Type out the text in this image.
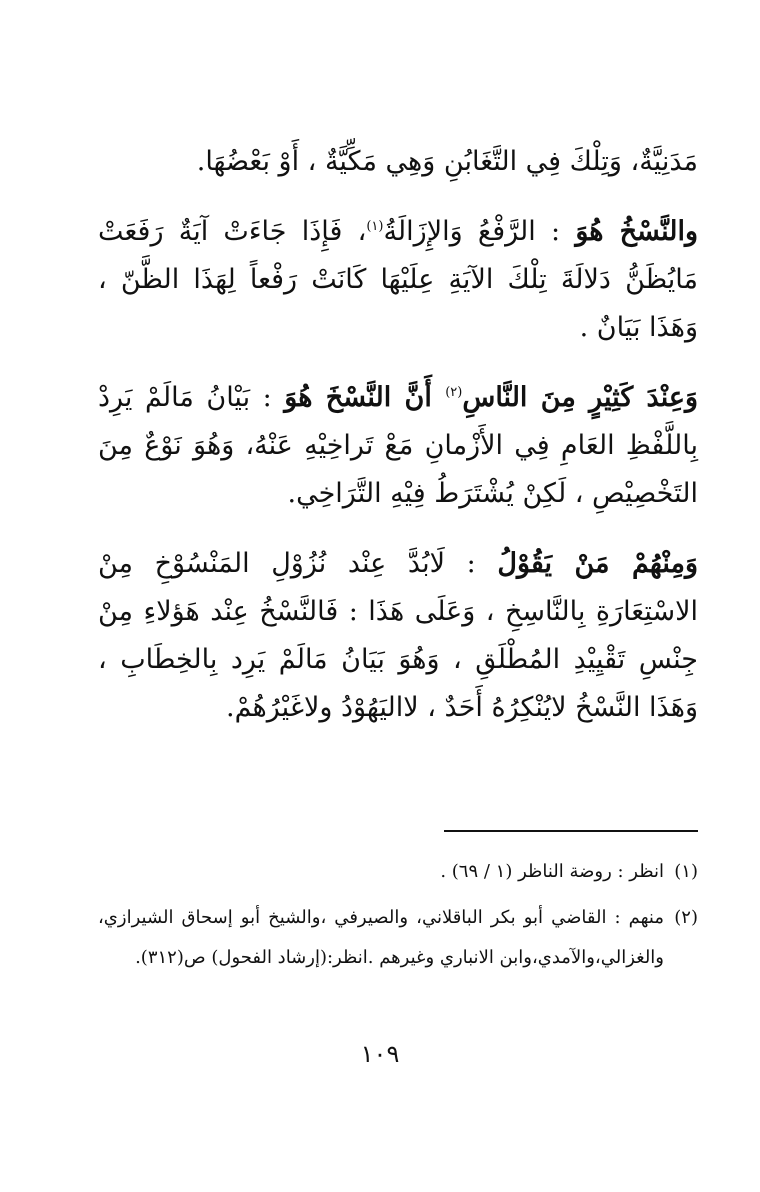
مَدَنِيَّةٌ، وَتِلْكَ فِي التَّغَابُنِ وَهِي مَكِّيَّةٌ ، أَوْ بَعْضُهَا.

والنَّسْخُ هُوَ : الرَّفْعُ وَالإِزَالَةُ$^{(١)}$، فَإِذَا جَاءَتْ آيَةٌ رَفَعَتْ مَايُظَنُّ دَلالَةَ تِلْكَ الآيَةِ عِلَيْهَا كَانَتْ رَفْعاً لِهَذَا الظَّنّ ، وَهَذَا بَيَانٌ .

وَعِنْدَ كَثِيْرٍ مِنَ النَّاسِ$^{(٢)}$ أَنَّ النَّسْخَ هُوَ : بَيْانُ مَالَمْ يَرِدْ بِاللَّفْظِ العَامِ فِي الأَزْمانِ مَعْ تَراخِيْهِ عَنْهُ، وَهُوَ نَوْعٌ مِنَ التَخْصِيْصِ ، لَكِنْ يُشْتَرَطُ فِيْهِ التَّرَاخِي.

وَمِنْهُمْ مَنْ يَقُوْلُ : لَابُدَّ عِنْد نُزُوْلِ المَنْسُوْخِ مِنْ الاسْتِعَارَةِ بِالنَّاسِخِ ، وَعَلَى هَذَا : فَالنَّسْخُ عِنْد هَؤلاءِ مِنْ جِنْسِ تَقْيِيْدِ المُطْلَقِ ، وَهُوَ بَيَانُ مَالَمْ يَرِد بِالخِطَابِ ، وَهَذَا النَّسْخُ لايُنْكِرُهُ أَحَدٌ ، لااليَهُوْدُ ولاغَيْرُهُمْ.

(١)
انظر : روضة الناظر (١ / ٦٩) .
(٢)
منهم : القاضي أبو بكر الباقلاني، والصيرفي ،والشيخ أبو إسحاق الشيرازي، والغزالي،والآمدي،وابن الانباري وغيرهم .انظر:(إرشاد الفحول) ص(٣١٢).
١٠٩
